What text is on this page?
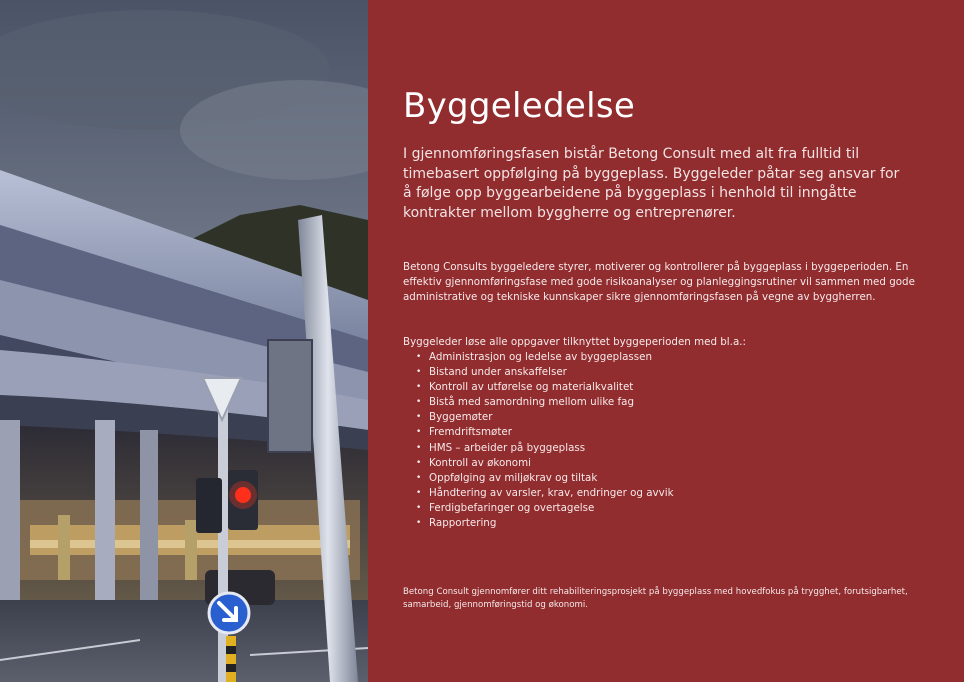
Byggeledelse

I gjennomføringsfasen bistår Betong Consult med alt fra fulltid til timebasert oppfølging på byggeplass. Byggeleder påtar seg ansvar for å følge opp byggearbeidene på byggeplass i henhold til inngåtte kontrakter mellom byggherre og entreprenører.

Betong Consults byggeledere styrer, motiverer og kontrollerer på byggeplass i byggeperioden. En effektiv gjennomføringsfase med gode risikoanalyser og planleggingsrutiner vil sammen med gode administrative og tekniske kunnskaper sikre gjennomføringsfasen på vegne av byggherren.

Byggeleder løse alle oppgaver tilknyttet byggeperioden med bl.a.:

• Administrasjon og ledelse av byggeplassen
• Bistand under anskaffelser
• Kontroll av utførelse og materialkvalitet
• Bistå med samordning mellom ulike fag
• Byggemøter
• Fremdriftsmøter
• HMS – arbeider på byggeplass
• Kontroll av økonomi
• Oppfølging av miljøkrav og tiltak
• Håndtering av varsler, krav, endringer og avvik
• Ferdigbefaringer og overtagelse
• Rapportering

Betong Consult gjennomfører ditt rehabiliteringsprosjekt på byggeplass med hovedfokus på trygghet, forutsigbarhet, samarbeid, gjennomføringstid og økonomi.
